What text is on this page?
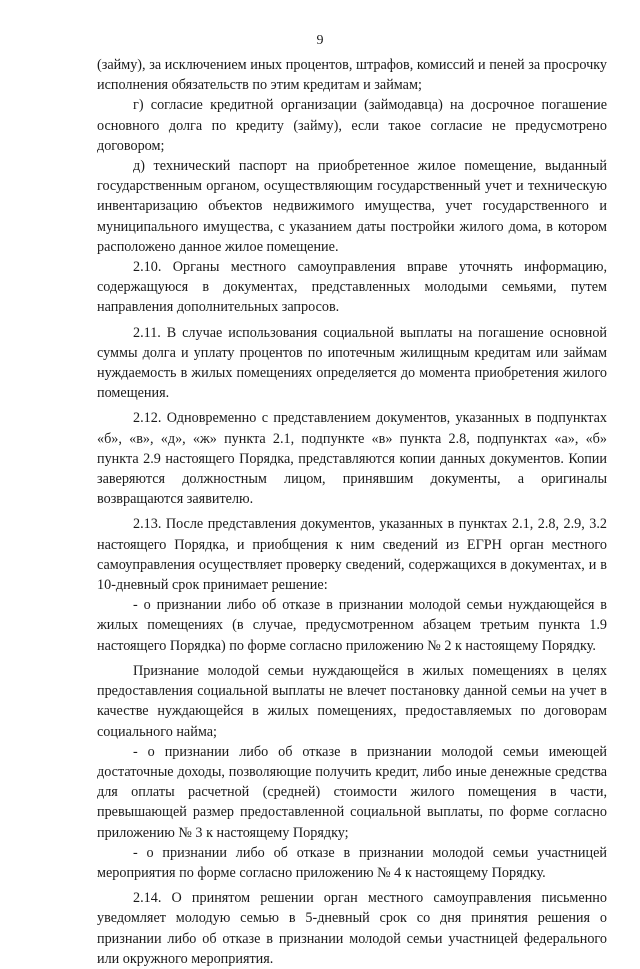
9

(займу), за исключением иных процентов, штрафов, комиссий и пеней за просрочку исполнения обязательств по этим кредитам и займам;

г) согласие кредитной организации (займодавца) на досрочное погашение основного долга по кредиту (займу), если такое согласие не предусмотрено договором;

д) технический паспорт на приобретенное жилое помещение, выданный государственным органом, осуществляющим государственный учет и техническую инвентаризацию объектов недвижимого имущества, учет государственного и муниципального имущества, с указанием даты постройки жилого дома, в котором расположено данное жилое помещение.

2.10. Органы местного самоуправления вправе уточнять информацию, содержащуюся в документах, представленных молодыми семьями, путем направления дополнительных запросов.

2.11. В случае использования социальной выплаты на погашение основной суммы долга и уплату процентов по ипотечным жилищным кредитам или займам нуждаемость в жилых помещениях определяется до момента приобретения жилого помещения.

2.12. Одновременно с представлением документов, указанных в подпунктах «б», «в», «д», «ж» пункта 2.1, подпункте «в» пункта 2.8, подпунктах «а», «б» пункта 2.9 настоящего Порядка, представляются копии данных документов. Копии заверяются должностным лицом, принявшим документы, а оригиналы возвращаются заявителю.

2.13. После представления документов, указанных в пунктах 2.1, 2.8, 2.9, 3.2 настоящего Порядка, и приобщения к ним сведений из ЕГРН орган местного самоуправления осуществляет проверку сведений, содержащихся в документах, и в 10-дневный срок принимает решение:

- о признании либо об отказе в признании молодой семьи нуждающейся в жилых помещениях (в случае, предусмотренном абзацем третьим пункта 1.9 настоящего Порядка) по форме согласно приложению № 2 к настоящему Порядку.

Признание молодой семьи нуждающейся в жилых помещениях в целях предоставления социальной выплаты не влечет постановку данной семьи на учет в качестве нуждающейся в жилых помещениях, предоставляемых по договорам социального найма;

- о признании либо об отказе в признании молодой семьи имеющей достаточные доходы, позволяющие получить кредит, либо иные денежные средства для оплаты расчетной (средней) стоимости жилого помещения в части, превышающей размер предоставленной социальной выплаты, по форме согласно приложению № 3 к настоящему Порядку;

- о признании либо об отказе в признании молодой семьи участницей мероприятия по форме согласно приложению № 4 к настоящему Порядку.

2.14. О принятом решении орган местного самоуправления письменно уведомляет молодую семью в 5-дневный срок со дня принятия решения о признании либо об отказе в признании молодой семьи участницей федерального или окружного мероприятия.
